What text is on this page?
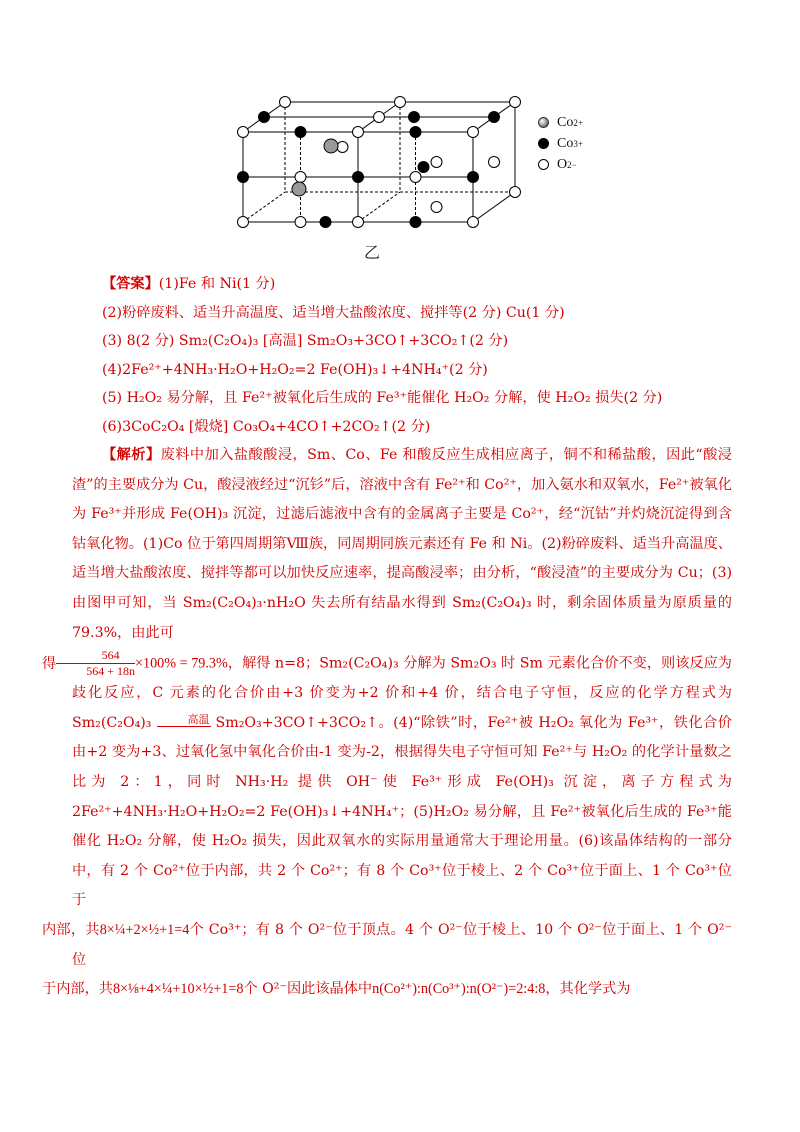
乙
Co 2+
Co 3+
O 2−

【答案】(1)Fe 和 Ni(1 分)

(2)粉碎废料、适当升高温度、适当增大盐酸浓度、搅拌等(2 分) Cu(1 分)

(3) 8(2 分) Sm₂(C₂O₄)₃ [高温] Sm₂O₃+3CO↑+3CO₂↑(2 分)

(4)2Fe²⁺+4NH₃·H₂O+H₂O₂=2 Fe(OH)₃↓+4NH₄⁺(2 分)

(5) H₂O₂ 易分解，且 Fe²⁺被氧化后生成的 Fe³⁺能催化 H₂O₂ 分解，使 H₂O₂ 损失(2 分)

(6)3CoC₂O₄ [煅烧] Co₃O₄+4CO↑+2CO₂↑(2 分)

【解析】废料中加入盐酸酸浸，Sm、Co、Fe 和酸反应生成相应离子，铜不和稀盐酸，因此“酸浸渣”的主要成分为 Cu，酸浸液经过“沉钐”后，溶液中含有 Fe²⁺和 Co²⁺，加入氨水和双氧水，Fe²⁺被氧化为 Fe³⁺并形成 Fe(OH)₃ 沉淀，过滤后滤液中含有的金属离子主要是 Co²⁺，经“沉钴”并灼烧沉淀得到含钴氧化物。(1)Co 位于第四周期第Ⅷ族，同周期同族元素还有 Fe 和 Ni。(2)粉碎废料、适当升高温度、适当增大盐酸浓度、搅拌等都可以加快反应速率，提高酸浸率；由分析，“酸浸渣”的主要成分为 Cu；(3)由图甲可知，当 Sm₂(C₂O₄)₃·nH₂O 失去所有结晶水得到 Sm₂(C₂O₄)₃ 时，剩余固体质量为原质量的 79.3%，由此可
得 $\frac{564}{564 + 18n} \times 100\% = 79.3\%$，解得 n=8；Sm₂(C₂O₄)₃ 分解为 Sm₂O₃ 时 Sm 元素化合价不变，则该反应为歧化反应，C 元素的化合价由+3 价变为+2 价和+4 价，结合电子守恒，反应的化学方程式为 Sm₂(C₂O₄)₃	高温 Sm₂O₃+3CO↑+3CO₂↑。(4)“除铁”时，Fe²⁺被 H₂O₂ 氧化为 Fe³⁺，铁化合价由+2 变为+3、过氧化氢中氧化合价由-1 变为-2，根据得失电子守恒可知 Fe²⁺与 H₂O₂ 的化学计量数之比为 2：1，同时 NH₃·H₂ 提供 OH⁻使 Fe³⁺形成 Fe(OH)₃ 沉淀，离子方程式为 2Fe²⁺+4NH₃·H₂O+H₂O₂=2 Fe(OH)₃↓+4NH₄⁺；(5)H₂O₂ 易分解，且 Fe²⁺被氧化后生成的 Fe³⁺能催化 H₂O₂ 分解，使 H₂O₂ 损失，因此双氧水的实际用量通常大于理论用量。(6)该晶体结构的一部分中，有 2 个 Co²⁺位于内部，共 2 个 Co²⁺；有 8 个 Co³⁺位于棱上、2 个 Co³⁺位于面上、1 个 Co³⁺位于
内部，共8×¼+2×½+1=4个 Co³⁺；有 8 个 O²⁻位于顶点。4 个 O²⁻位于棱上、10 个 O²⁻位于面上、1 个 O²⁻位
于内部，共8×⅛+4×¼+10×½+1=8个 O²⁻因此该晶体中n(Co²⁺):n(Co³⁺):n(O²⁻)=2:4:8，其化学式为
